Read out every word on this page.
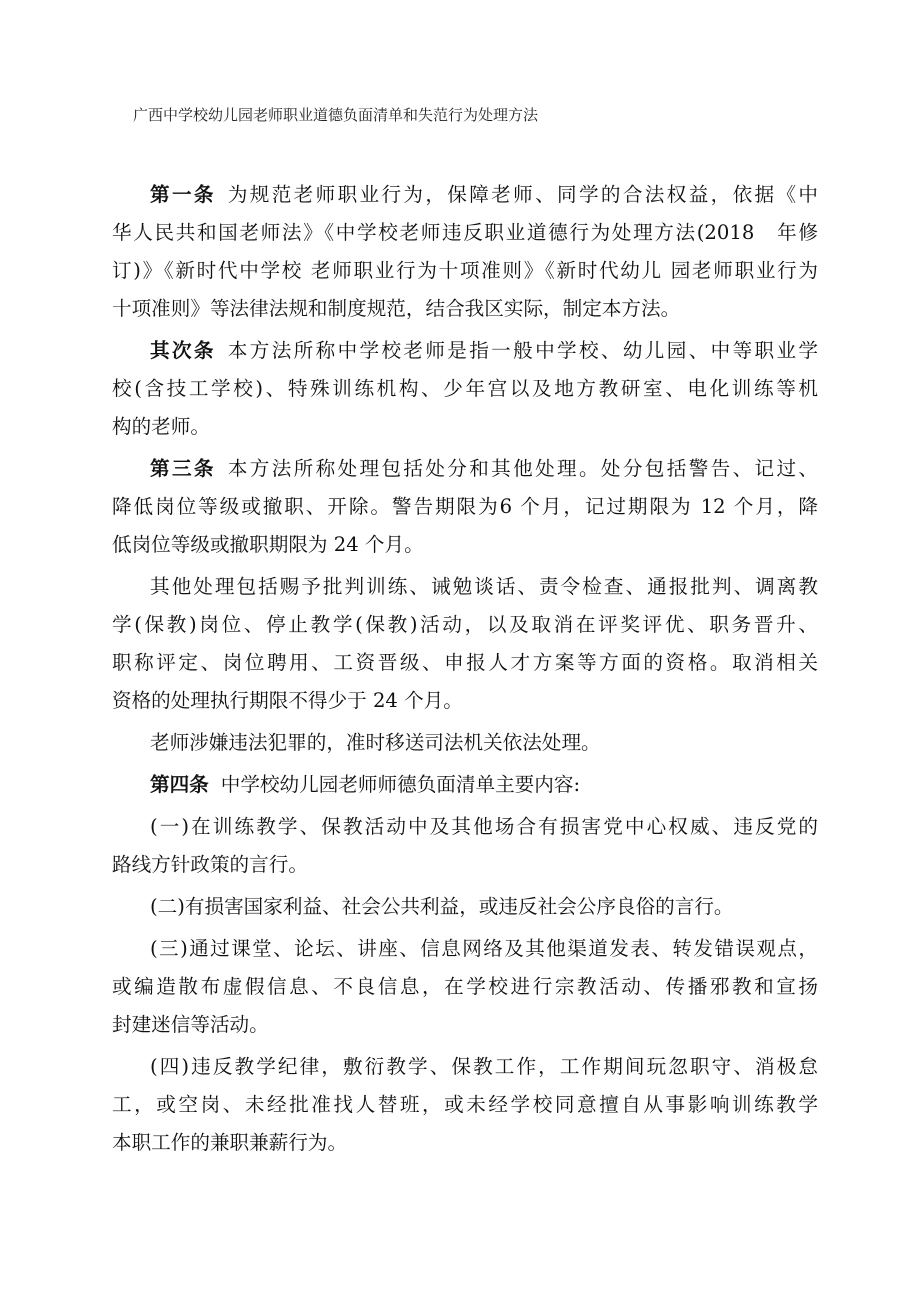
广西中学校幼儿园老师职业道德负面清单和失范行为处理方法
第一条 为规范老师职业行为，保障老师、同学的合法权益，依据《中
华人民共和国老师法》《中学校老师违反职业道德行为处理方法(2018　年修
订)》《新时代中学校 老师职业行为十项准则》《新时代幼儿 园老师职业行为
十项准则》等法律法规和制度规范，结合我区实际，制定本方法。
其次条 本方法所称中学校老师是指一般中学校、幼儿园、中等职业学
校(含技工学校)、特殊训练机构、少年宫以及地方教研室、电化训练等机
构的老师。
第三条 本方法所称处理包括处分和其他处理。处分包括警告、记过、
降低岗位等级或撤职、开除。警告期限为6 个月，记过期限为 12 个月，降
低岗位等级或撤职期限为 24 个月。
其他处理包括赐予批判训练、诫勉谈话、责令检查、通报批判、调离教
学(保教)岗位、停止教学(保教)活动，以及取消在评奖评优、职务晋升、
职称评定、岗位聘用、工资晋级、申报人才方案等方面的资格。取消相关
资格的处理执行期限不得少于 24 个月。
老师涉嫌违法犯罪的，准时移送司法机关依法处理。
第四条 中学校幼儿园老师师德负面清单主要内容:
(一)在训练教学、保教活动中及其他场合有损害党中心权威、违反党的
路线方针政策的言行。
(二)有损害国家利益、社会公共利益，或违反社会公序良俗的言行。
(三)通过课堂、论坛、讲座、信息网络及其他渠道发表、转发错误观点，
或编造散布虚假信息、不良信息，在学校进行宗教活动、传播邪教和宣扬
封建迷信等活动。
(四)违反教学纪律，敷衍教学、保教工作，工作期间玩忽职守、消极怠
工，或空岗、未经批准找人替班，或未经学校同意擅自从事影响训练教学
本职工作的兼职兼薪行为。
